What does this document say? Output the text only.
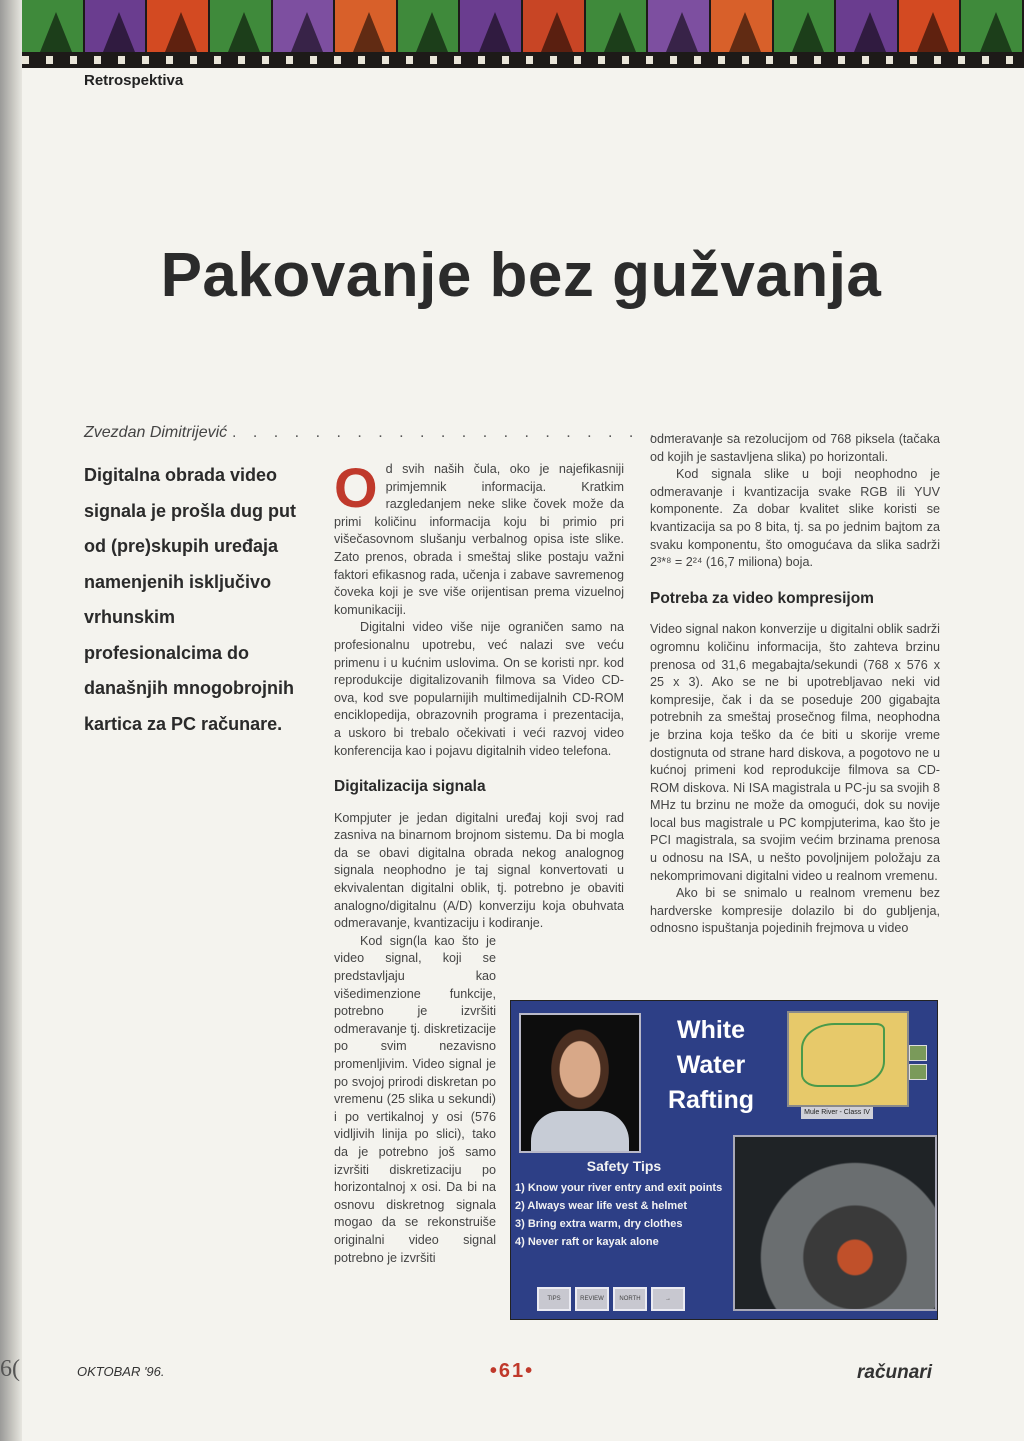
6(
Retrospektiva
Pakovanje bez gužvanja
Zvezdan Dimitrijević . . . . . . . . . . . . . . . . . . . . . . . . . .
Digitalna obrada video signala je prošla dug put od (pre)skupih uređaja namenjenih isključivo vrhunskim profesionalcima do današnjih mnogobrojnih kartica za PC računare.

Od svih naših čula, oko je najefikasniji primjemnik informacija. Kratkim razgledanjem neke slike čovek može da primi količinu informacija koju bi primio pri višečasovnom slušanju verbalnog opisa iste slike. Zato prenos, obrada i smeštaj slike postaju važni faktori efikasnog rada, učenja i zabave savremenog čoveka koji je sve više orijentisan prema vizuelnoj komunikaciji.

Digitalni video više nije ograničen samo na profesionalnu upotrebu, već nalazi sve veću primenu i u kućnim uslovima. On se koristi npr. kod reprodukcije digitalizovanih filmova sa Video CD-ova, kod sve popularnijih multimedijalnih CD-ROM enciklopedija, obrazovnih programa i prezentacija, a uskoro bi trebalo očekivati i veći razvoj video konferencija kao i pojavu digitalnih video telefona.

Digitalizacija signala

Kompjuter je jedan digitalni uređaj koji svoj rad zasniva na binarnom brojnom sistemu. Da bi mogla da se obavi digitalna obrada nekog analognog signala neophodno je taj signal konvertovati u ekvivalentan digitalni oblik, tj. potrebno je obaviti analogno/digitalnu (A/D) konverziju koja obuhvata odmeravanje, kvantizaciju i kodiranje.

Kod sign(la kao što je video signal, koji se predstavljaju kao višedimenzione funkcije, potrebno je izvršiti odmeravanje tj. diskretizacije po svim nezavisno promenljivim. Video signal je po svojoj prirodi diskretan po vremenu (25 slika u sekundi) i po vertikalnoj y osi (576 vidljivih linija po slici), tako da je potrebno još samo izvršiti diskretizaciju po horizontalnoj x osi. Da bi na osnovu diskretnog signala mogao da se rekonstruiše originalni video signal potrebno je izvršiti

odmeravanje sa rezolucijom od 768 piksela (tačaka od kojih je sastavljena slika) po horizontali.

Kod signala slike u boji neophodno je odmeravanje i kvantizacija svake RGB ili YUV komponente. Za dobar kvalitet slike koristi se kvantizacija sa po 8 bita, tj. sa po jednim bajtom za svaku komponentu, što omogućava da slika sadrži 2³*⁸ = 2²⁴ (16,7 miliona) boja.

Potreba za video kompresijom

Video signal nakon konverzije u digitalni oblik sadrži ogromnu količinu informacija, što zahteva brzinu prenosa od 31,6 megabajta/sekundi (768 x 576 x 25 x 3). Ako se ne bi upotrebljavao neki vid kompresije, čak i da se poseduje 200 gigabajta potrebnih za smeštaj prosečnog filma, neophodna je brzina koja teško da će biti u skorije vreme dostignuta od strane hard diskova, a pogotovo ne u kućnoj primeni kod reprodukcije filmova sa CD-ROM diskova. Ni ISA magistrala u PC-ju sa svojih 8 MHz tu brzinu ne može da omogući, dok su novije local bus magistrale u PC kompjuterima, kao što je PCI magistrala, sa svojim većim brzinama prenosa u odnosu na ISA, u nešto povoljnijem položaju za nekomprimovani digitalni video u realnom vremenu.

Ako bi se snimalo u realnom vremenu bez hardverske kompresije dolazilo bi do gubljenja, odnosno ispuštanja pojedinih frejmova u video

White Water Rafting	Mule River - Class IV
Safety Tips
1) Know your river entry and exit points
2) Always wear life vest & helmet
3) Bring extra warm, dry clothes
4) Never raft or kayak alone
TIPS	REVIEW	NORTH	→
OKTOBAR '96.	•61•	računari
